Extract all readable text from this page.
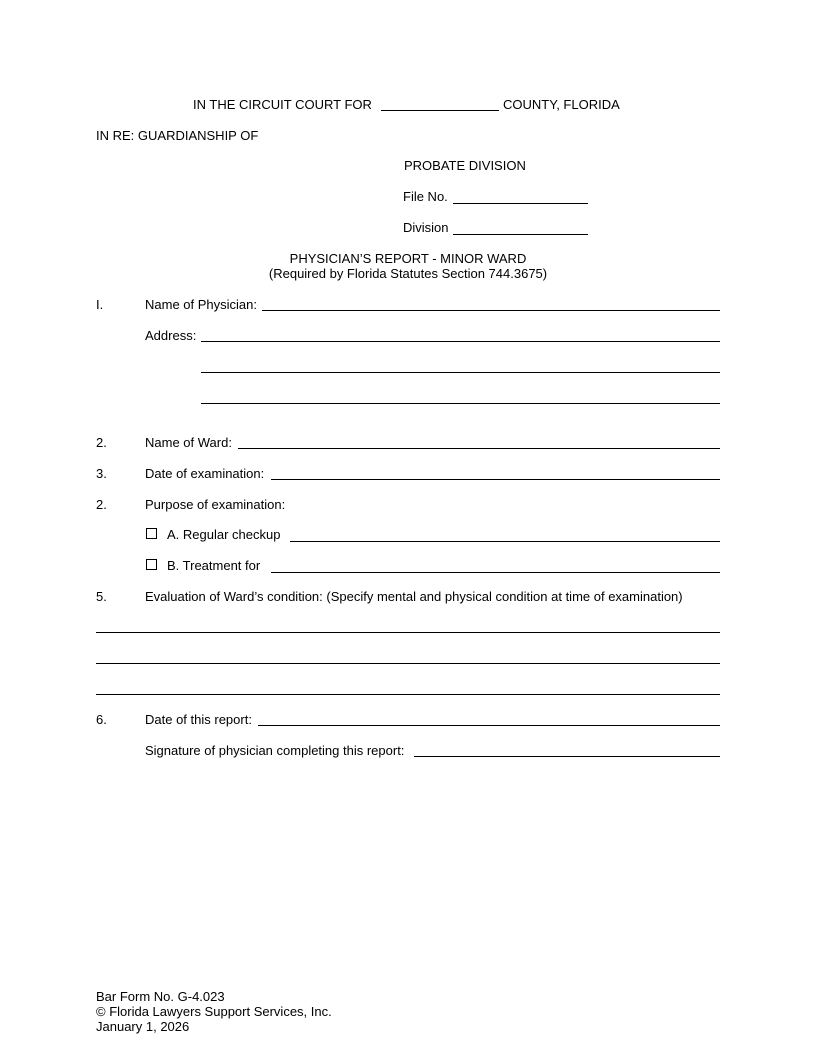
IN THE CIRCUIT COURT FOR	COUNTY, FLORIDA
IN RE: GUARDIANSHIP OF
PROBATE DIVISION
File No.
Division
PHYSICIAN’S REPORT - MINOR WARD
(Required by Florida Statutes Section 744.3675)
I.	Name of Physician:
Address:
2.	Name of Ward:
3.	Date of examination:
2.	Purpose of examination:
A. Regular checkup
B. Treatment for
5.	Evaluation of Ward’s condition: (Specify mental and physical condition at time of examination)
6.	Date of this report:
Signature of physician completing this report:
Bar Form No. G-4.023
© Florida Lawyers Support Services, Inc.
January 1, 2026
